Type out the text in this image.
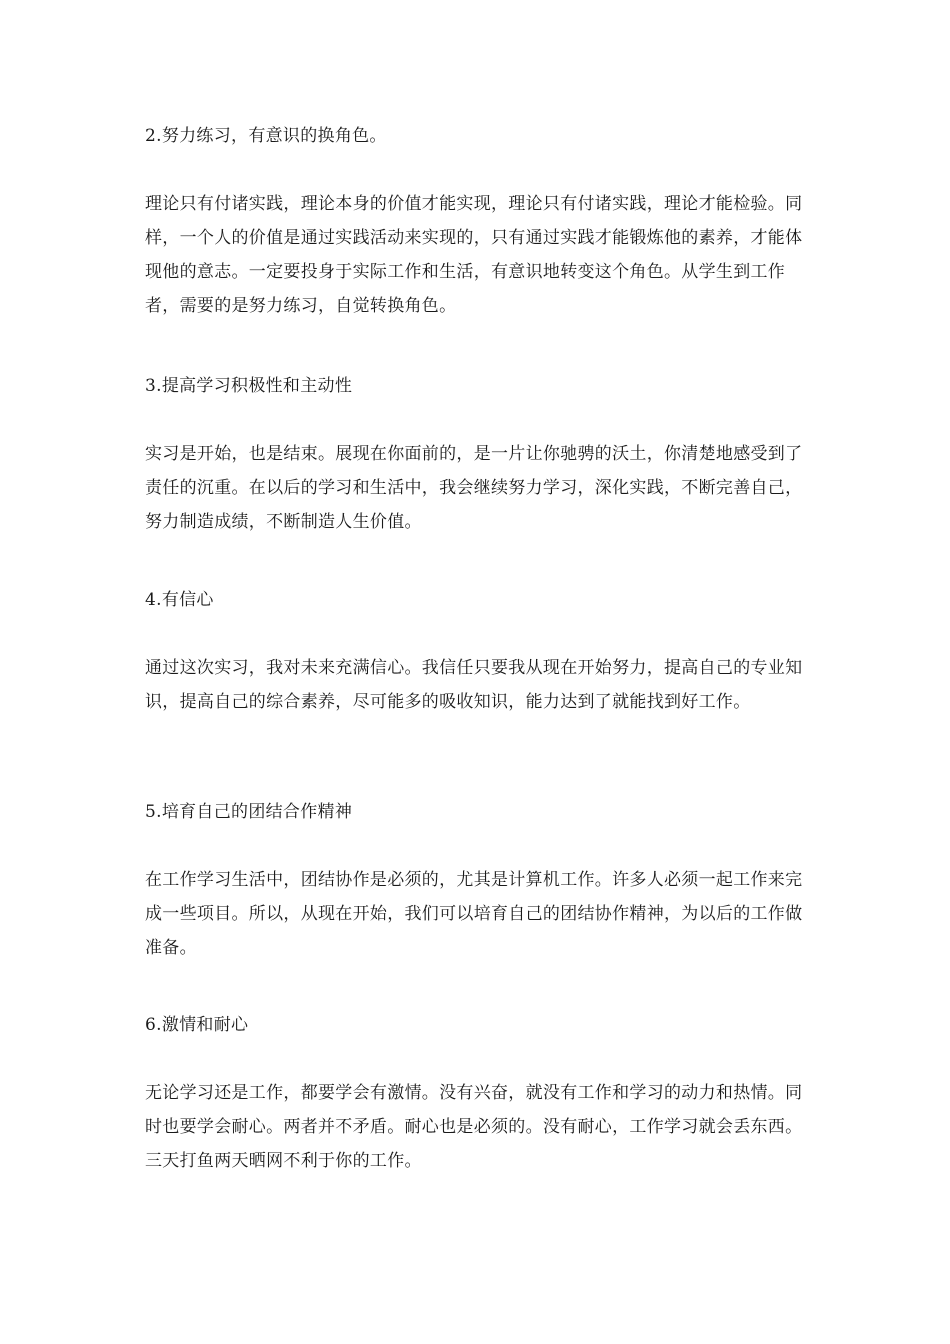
2.努力练习，有意识的换角色。

理论只有付诸实践，理论本身的价值才能实现，理论只有付诸实践，理论才能检验。同样，一个人的价值是通过实践活动来实现的，只有通过实践才能锻炼他的素养，才能体现他的意志。一定要投身于实际工作和生活，有意识地转变这个角色。从学生到工作者，需要的是努力练习，自觉转换角色。

3.提高学习积极性和主动性

实习是开始，也是结束。展现在你面前的，是一片让你驰骋的沃土，你清楚地感受到了责任的沉重。在以后的学习和生活中，我会继续努力学习，深化实践，不断完善自己，努力制造成绩，不断制造人生价值。

4.有信心

通过这次实习，我对未来充满信心。我信任只要我从现在开始努力，提高自己的专业知识，提高自己的综合素养，尽可能多的吸收知识，能力达到了就能找到好工作。

5.培育自己的团结合作精神

在工作学习生活中，团结协作是必须的，尤其是计算机工作。许多人必须一起工作来完成一些项目。所以，从现在开始，我们可以培育自己的团结协作精神，为以后的工作做准备。

6.激情和耐心

无论学习还是工作，都要学会有激情。没有兴奋，就没有工作和学习的动力和热情。同时也要学会耐心。两者并不矛盾。耐心也是必须的。没有耐心，工作学习就会丢东西。三天打鱼两天晒网不利于你的工作。
